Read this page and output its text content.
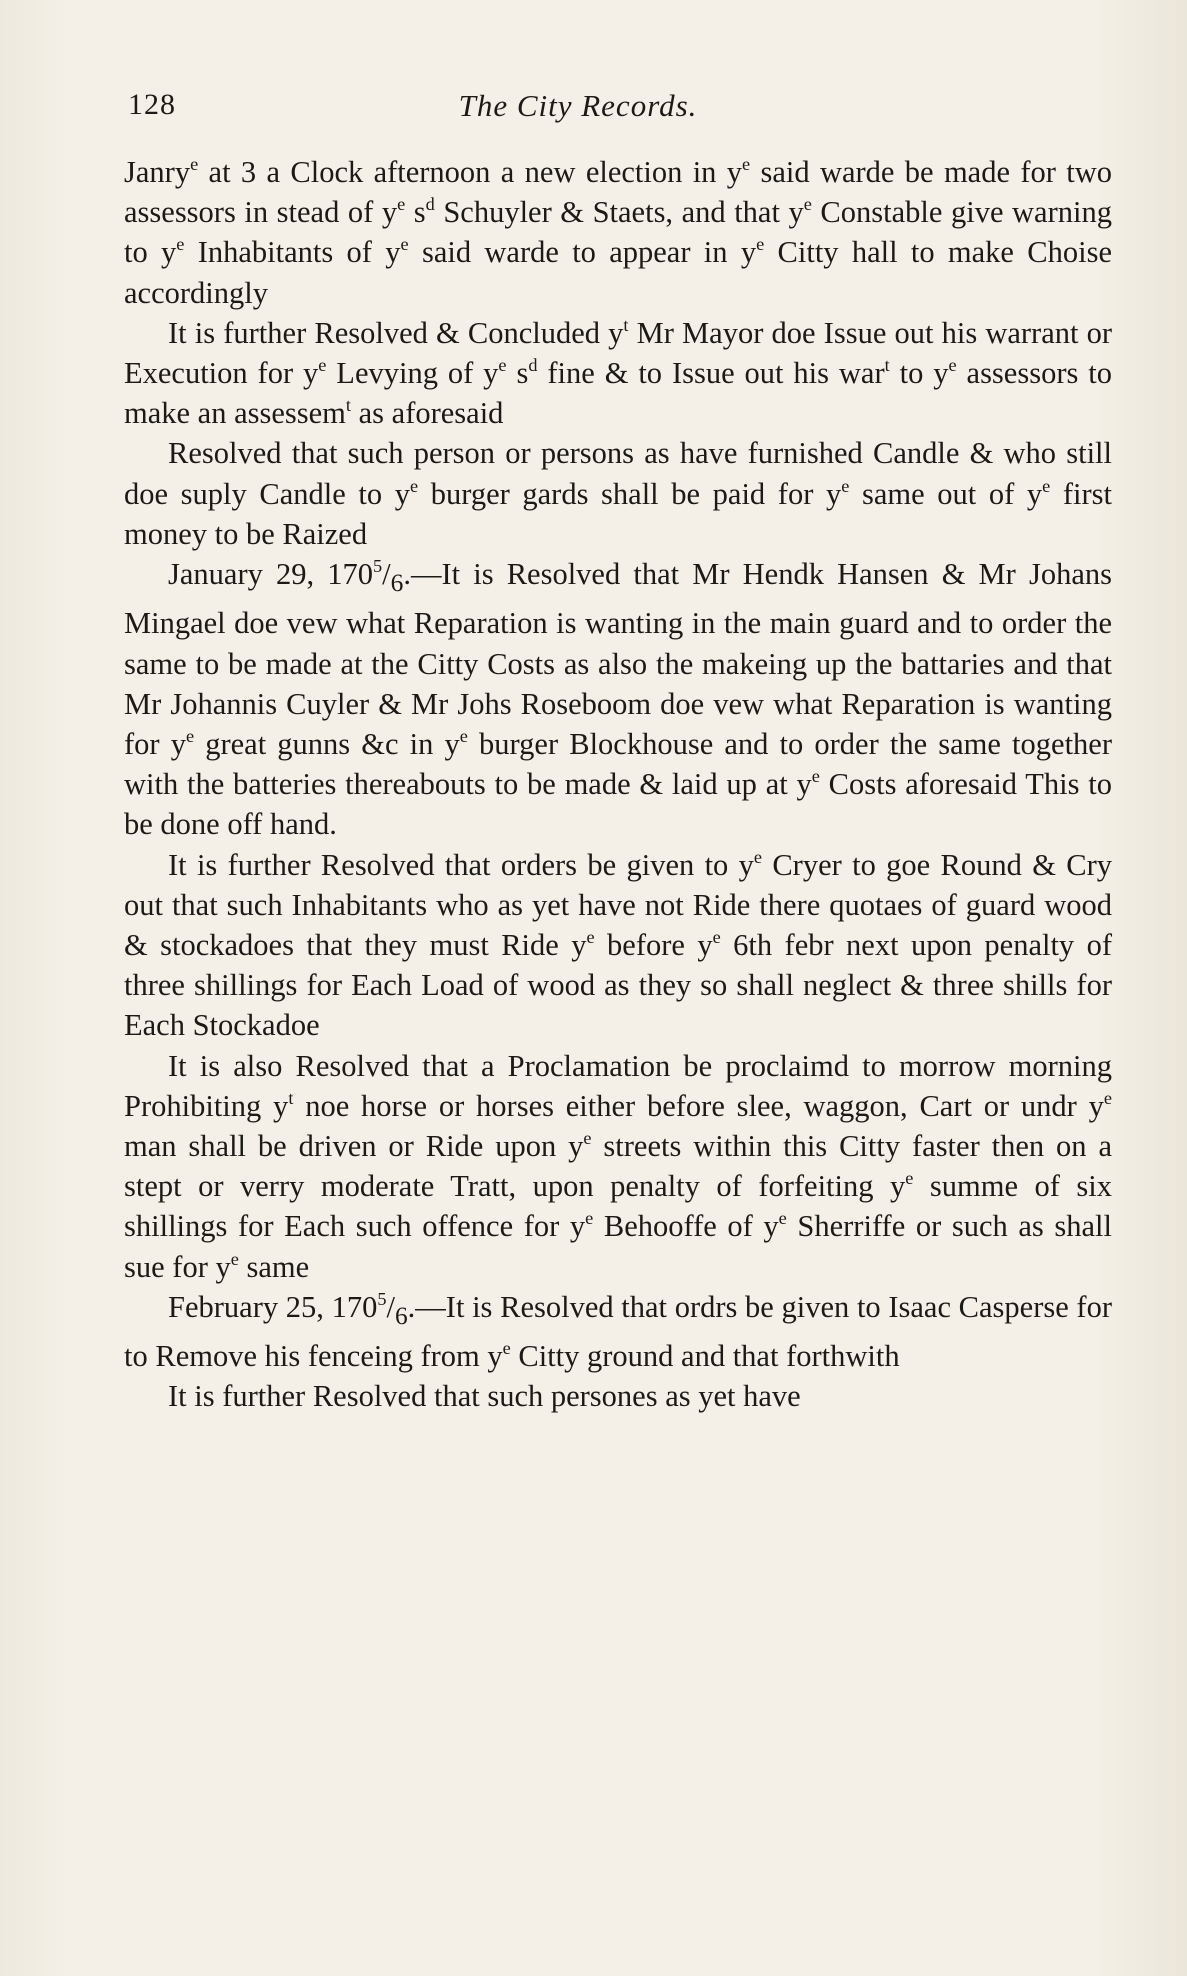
128	The City Records.

Janry$^e$ at 3 a Clock afternoon a new election in $y^e$ said warde be made for two assessors in stead of $y^e$ $s^d$ Schuyler & Staets, and that $y^e$ Constable give warning to $y^e$ Inhabitants of $y^e$ said warde to appear in $y^e$ Citty hall to make Choise accordingly

It is further Resolved & Concluded $y^t$ Mr Mayor doe Issue out his warrant or Execution for $y^e$ Levying of $y^e$ $s^d$ fine & to Issue out his war$^t$ to $y^e$ assessors to make an assessem$^t$ as aforesaid

Resolved that such person or persons as have furnished Candle & who still doe suply Candle to $y^e$ burger gards shall be paid for $y^e$ same out of $y^e$ first money to be Raized

January 29, $170^5/_6.—It$ is Resolved that Mr Hendk Hansen & Mr Johans Mingael doe vew what Reparation is wanting in the main guard and to order the same to be made at the Citty Costs as also the makeing up the battaries and that Mr Johannis Cuyler & Mr Johs Roseboom doe vew what Reparation is wanting for $y^e$ great gunns &c in $y^e$ burger Blockhouse and to order the same together with the batteries thereabouts to be made & laid up at $y^e$ Costs aforesaid This to be done off hand.

It is further Resolved that orders be given to $y^e$ Cryer to goe Round & Cry out that such Inhabitants who as yet have not Ride there quotaes of guard wood & stockadoes that they must Ride $y^e$ before $y^e$ 6th febr next upon penalty of three shillings for Each Load of wood as they so shall neglect & three shills for Each Stockadoe

It is also Resolved that a Proclamation be proclaimd to morrow morning Prohibiting $y^t$ noe horse or horses either before slee, waggon, Cart or undr $y^e$ man shall be driven or Ride upon $y^e$ streets within this Citty faster then on a stept or verry moderate Tratt, upon penalty of forfeiting $y^e$ summe of six shillings for Each such offence for $y^e$ Behooffe of $y^e$ Sherriffe or such as shall sue for $y^e$ same

February 25, $170^5/_6.—It$ is Resolved that ordrs be given to Isaac Casperse for to Remove his fenceing from $y^e$ Citty ground and that forthwith

It is further Resolved that such persones as yet have
